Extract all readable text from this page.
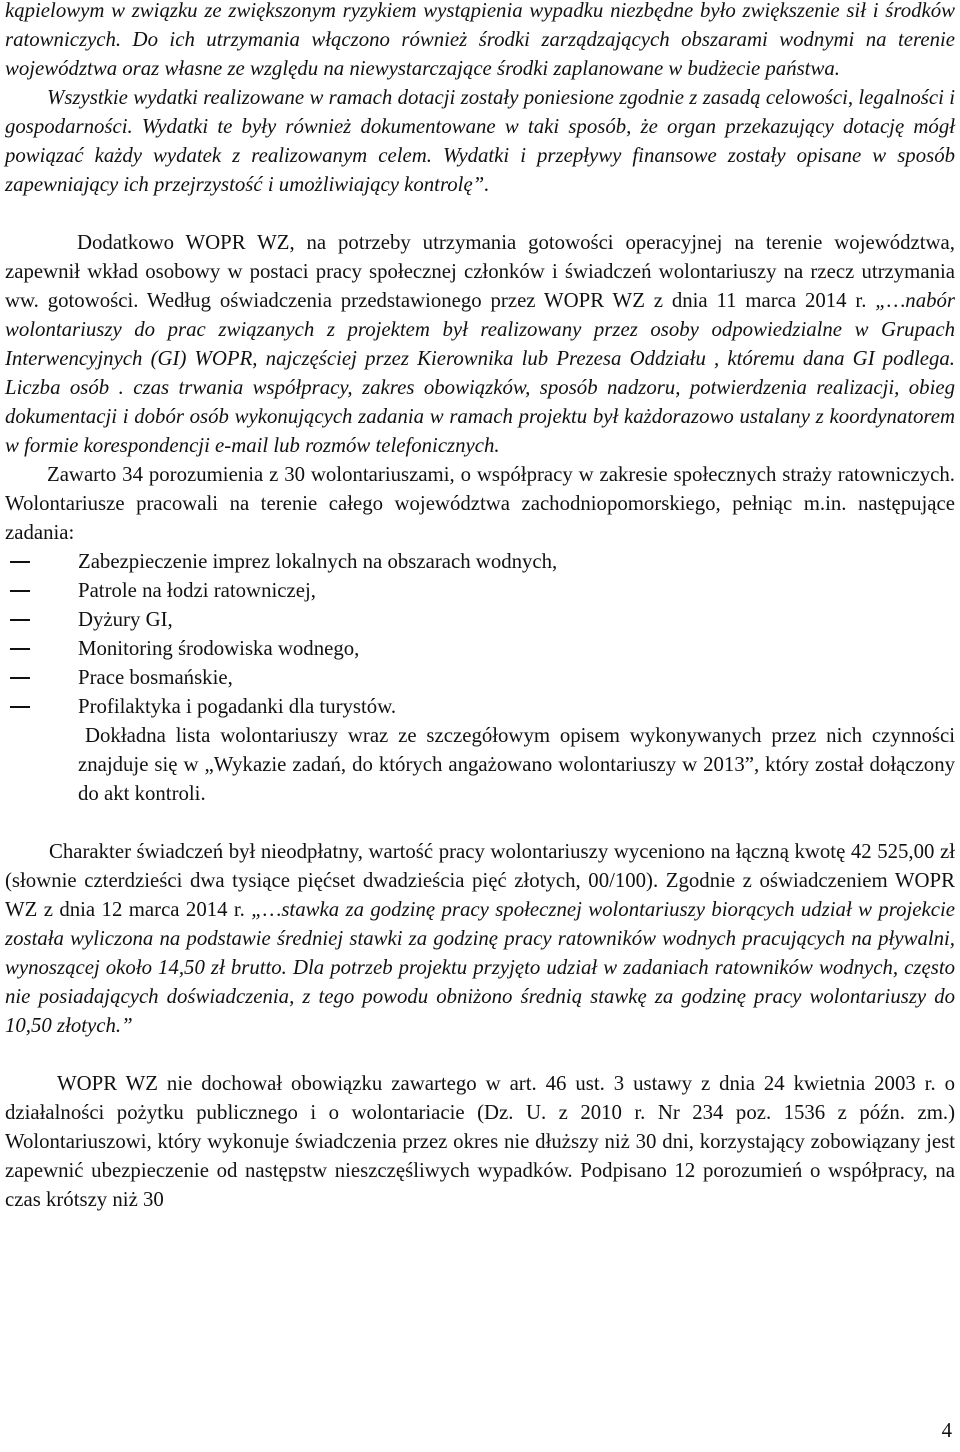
kąpielowym w związku ze zwiększonym ryzykiem wystąpienia wypadku niezbędne było zwiększenie sił i środków ratowniczych. Do ich utrzymania włączono również środki zarządzających obszarami wodnymi na terenie województwa oraz własne ze względu na niewystarczające środki zaplanowane w budżecie państwa.

Wszystkie wydatki realizowane w ramach dotacji zostały poniesione zgodnie z zasadą celowości, legalności i gospodarności. Wydatki te były również dokumentowane w taki sposób, że organ przekazujący dotację mógł powiązać każdy wydatek z realizowanym celem. Wydatki i przepływy finansowe zostały opisane w sposób zapewniający ich przejrzystość i umożliwiający kontrolę”.

Dodatkowo WOPR WZ, na potrzeby utrzymania gotowości operacyjnej na terenie województwa, zapewnił wkład osobowy w postaci pracy społecznej członków i świadczeń wolontariuszy na rzecz utrzymania ww. gotowości. Według oświadczenia przedstawionego przez WOPR WZ z dnia 11 marca 2014 r. „…nabór wolontariuszy do prac związanych z projektem był realizowany przez osoby odpowiedzialne w Grupach Interwencyjnych (GI) WOPR, najczęściej przez Kierownika lub Prezesa Oddziału , któremu dana GI podlega. Liczba osób . czas trwania współpracy, zakres obowiązków, sposób nadzoru, potwierdzenia realizacji, obieg dokumentacji i dobór osób wykonujących zadania w ramach projektu był każdorazowo ustalany z koordynatorem w formie korespondencji e-mail lub rozmów telefonicznych.

Zawarto 34 porozumienia z 30 wolontariuszami, o współpracy w zakresie społecznych straży ratowniczych. Wolontariusze pracowali na terenie całego województwa zachodniopomorskiego, pełniąc m.in. następujące zadania:

Zabezpieczenie imprez lokalnych na obszarach wodnych,
Patrole na łodzi ratowniczej,
Dyżury GI,
Monitoring środowiska wodnego,
Prace bosmańskie,
Profilaktyka i pogadanki dla turystów.

Dokładna lista wolontariuszy wraz ze szczegółowym opisem wykonywanych przez nich czynności znajduje się w „Wykazie zadań, do których angażowano wolontariuszy w 2013”, który został dołączony do akt kontroli.

Charakter świadczeń był nieodpłatny, wartość pracy wolontariuszy wyceniono na łączną kwotę 42 525,00 zł (słownie czterdzieści dwa tysiące pięćset dwadzieścia pięć złotych, 00/100). Zgodnie z oświadczeniem WOPR WZ z dnia 12 marca 2014 r. „…stawka za godzinę pracy społecznej wolontariuszy biorących udział w projekcie została wyliczona na podstawie średniej stawki za godzinę pracy ratowników wodnych pracujących na pływalni, wynoszącej około 14,50 zł brutto. Dla potrzeb projektu przyjęto udział w zadaniach ratowników wodnych, często nie posiadających doświadczenia, z tego powodu obniżono średnią stawkę za godzinę pracy wolontariuszy do 10,50 złotych.”

WOPR WZ nie dochował obowiązku zawartego w art. 46 ust. 3 ustawy z dnia 24 kwietnia 2003 r. o działalności pożytku publicznego i o wolontariacie (Dz. U. z 2010 r. Nr 234 poz. 1536 z późn. zm.) Wolontariuszowi, który wykonuje świadczenia przez okres nie dłuższy niż 30 dni, korzystający zobowiązany jest zapewnić ubezpieczenie od następstw nieszczęśliwych wypadków. Podpisano 12 porozumień o współpracy, na czas krótszy niż 30

4
